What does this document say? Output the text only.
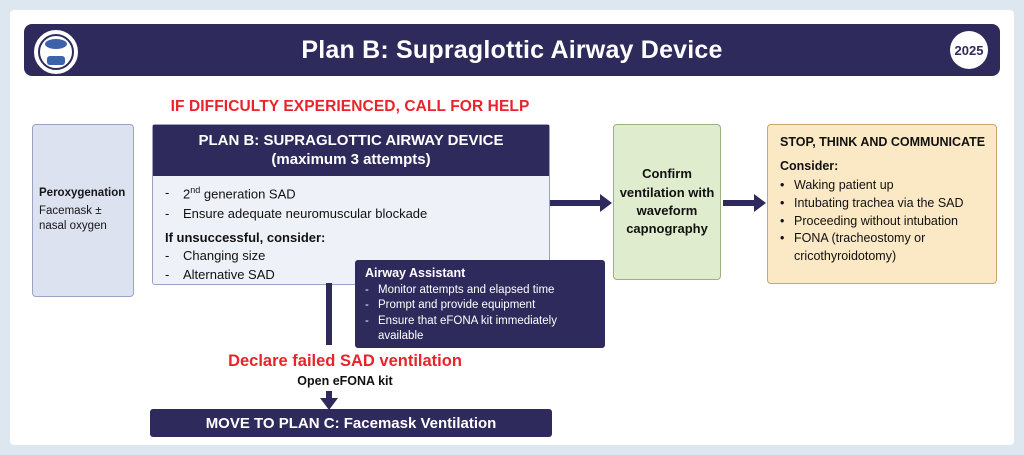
Plan B: Supraglottic Airway Device	2025
IF DIFFICULTY EXPERIENCED, CALL FOR HELP
Peroxygenation
Facemask ±
nasal oxygen
PLAN B: SUPRAGLOTTIC AIRWAY DEVICE
(maximum 3 attempts)
-	2nd generation SAD
-	Ensure adequate neuromuscular blockade
If unsuccessful, consider:
-	Changing size
-	Alternative SAD	Airway Assistant
- Monitor attempts and elapsed time
- Prompt and provide equipment
- Ensure that eFONA kit immediately available
Confirm ventilation with waveform capnography
STOP, THINK AND COMMUNICATE
Consider:
• Waking patient up
• Intubating trachea via the SAD
• Proceeding without intubation
• FONA (tracheostomy or cricothyroidotomy)
Declare failed SAD ventilation
Open eFONA kit
MOVE TO PLAN C: Facemask Ventilation
